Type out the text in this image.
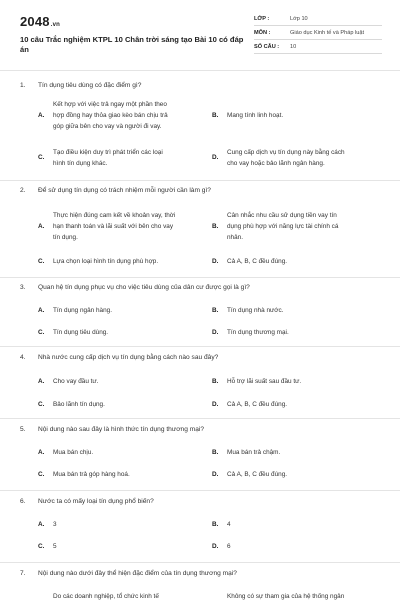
2048.vn
10 câu Trắc nghiệm KTPL 10 Chân trời sáng tạo Bài 10 có đáp án
LỚP :	Lớp 10
MÔN :	Giáo dục Kinh tế và Pháp luật
SỐ CÂU : 10
1. Tín dụng tiêu dùng có đặc điểm gì?
A.
Kết hợp với việc trả ngay một phần theo
hợp đồng hay thỏa giao kèo bán chịu trả
góp giữa bên cho vay và người đi vay.
B. Mang tính linh hoạt.
C.
Tạo điều kiện duy trì phát triển các loại
hình tín dụng khác.
D.
Cung cấp dịch vụ tín dụng này bằng cách
cho vay hoặc bảo lãnh ngân hàng.
2. Để sử dụng tín dụng có trách nhiệm mỗi người cần làm gì?
A.
Thực hiện đúng cam kết về khoản vay, thời
hạn thanh toán và lãi suất với bên cho vay
tín dụng.
B.
Cân nhắc nhu cầu sử dụng tiền vay tín
dụng phù hợp với năng lực tài chính cá
nhân.
C. Lựa chọn loại hình tín dụng phù hợp.	D. Cả A, B, C đều đúng.
3. Quan hệ tín dụng phục vụ cho việc tiêu dùng của dân cư được gọi là gì?
A. Tín dụng ngân hàng.	B. Tín dụng nhà nước.
C. Tín dụng tiêu dùng.	D. Tín dụng thương mại.
4. Nhà nước cung cấp dịch vụ tín dụng bằng cách nào sau đây?
A. Cho vay đầu tư.	B. Hỗ trợ lãi suất sau đầu tư.
C. Bảo lãnh tín dụng.	D. Cả A, B, C đều đúng.
5. Nội dung nào sau đây là hình thức tín dụng thương mại?
A. Mua bán chịu.	B. Mua bán trả chậm.
C. Mua bán trả góp hàng hoá.	D. Cả A, B, C đều đúng.
6. Nước ta có mấy loại tín dụng phổ biến?
A. 3	B. 4
C. 5	D. 6
7. Nội dung nào dưới đây thể hiện đặc điểm của tín dụng thương mại?
Do các doanh nghiệp, tổ chức kinh tế	Không có sự tham gia của hệ thống ngân
